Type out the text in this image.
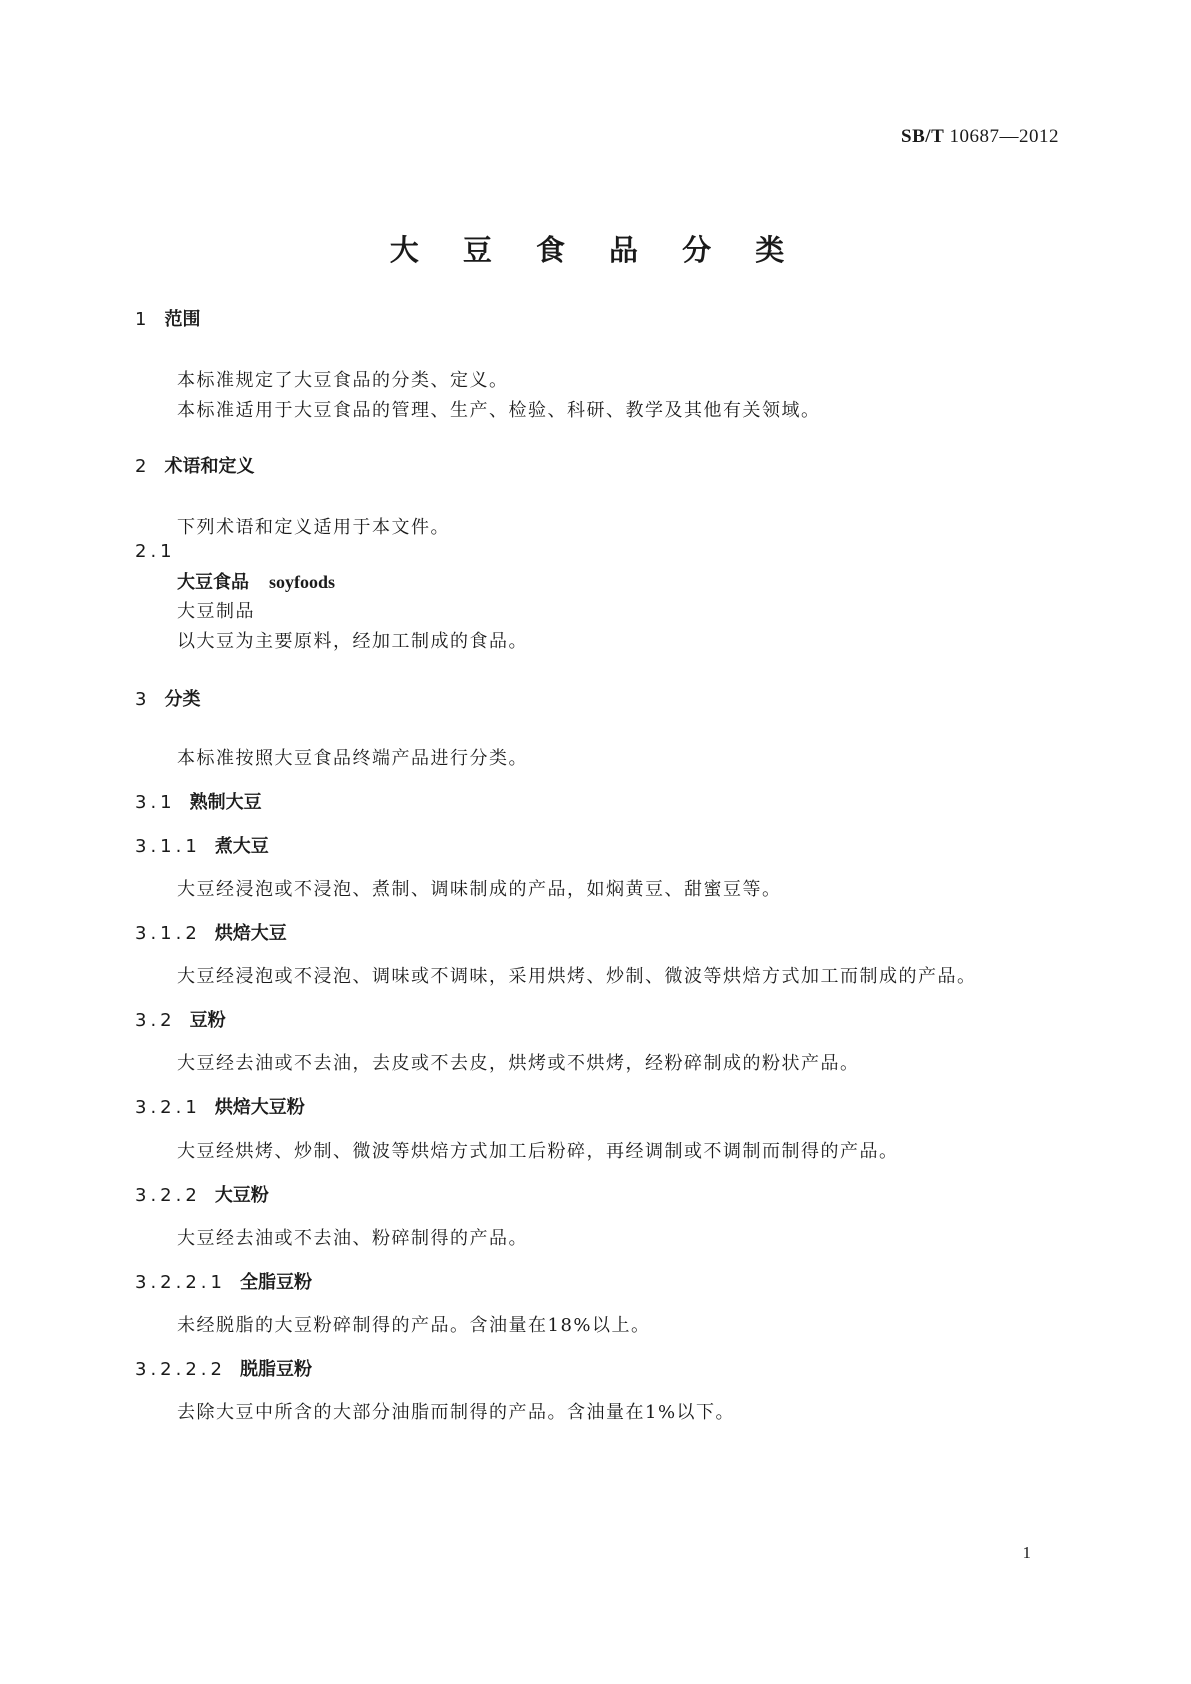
SB/T 10687—2012
大 豆 食 品 分 类
1 范围
本标准规定了大豆食品的分类、定义。
本标准适用于大豆食品的管理、生产、检验、科研、教学及其他有关领域。
2 术语和定义
下列术语和定义适用于本文件。
2.1
大豆食品 soyfoods
大豆制品
以大豆为主要原料，经加工制成的食品。
3 分类
本标准按照大豆食品终端产品进行分类。
3.1 熟制大豆
3.1.1 煮大豆
大豆经浸泡或不浸泡、煮制、调味制成的产品，如焖黄豆、甜蜜豆等。
3.1.2 烘焙大豆
大豆经浸泡或不浸泡、调味或不调味，采用烘烤、炒制、微波等烘焙方式加工而制成的产品。
3.2 豆粉
大豆经去油或不去油，去皮或不去皮，烘烤或不烘烤，经粉碎制成的粉状产品。
3.2.1 烘焙大豆粉
大豆经烘烤、炒制、微波等烘焙方式加工后粉碎，再经调制或不调制而制得的产品。
3.2.2 大豆粉
大豆经去油或不去油、粉碎制得的产品。
3.2.2.1 全脂豆粉
未经脱脂的大豆粉碎制得的产品。含油量在18%以上。
3.2.2.2 脱脂豆粉
去除大豆中所含的大部分油脂而制得的产品。含油量在1%以下。
1
